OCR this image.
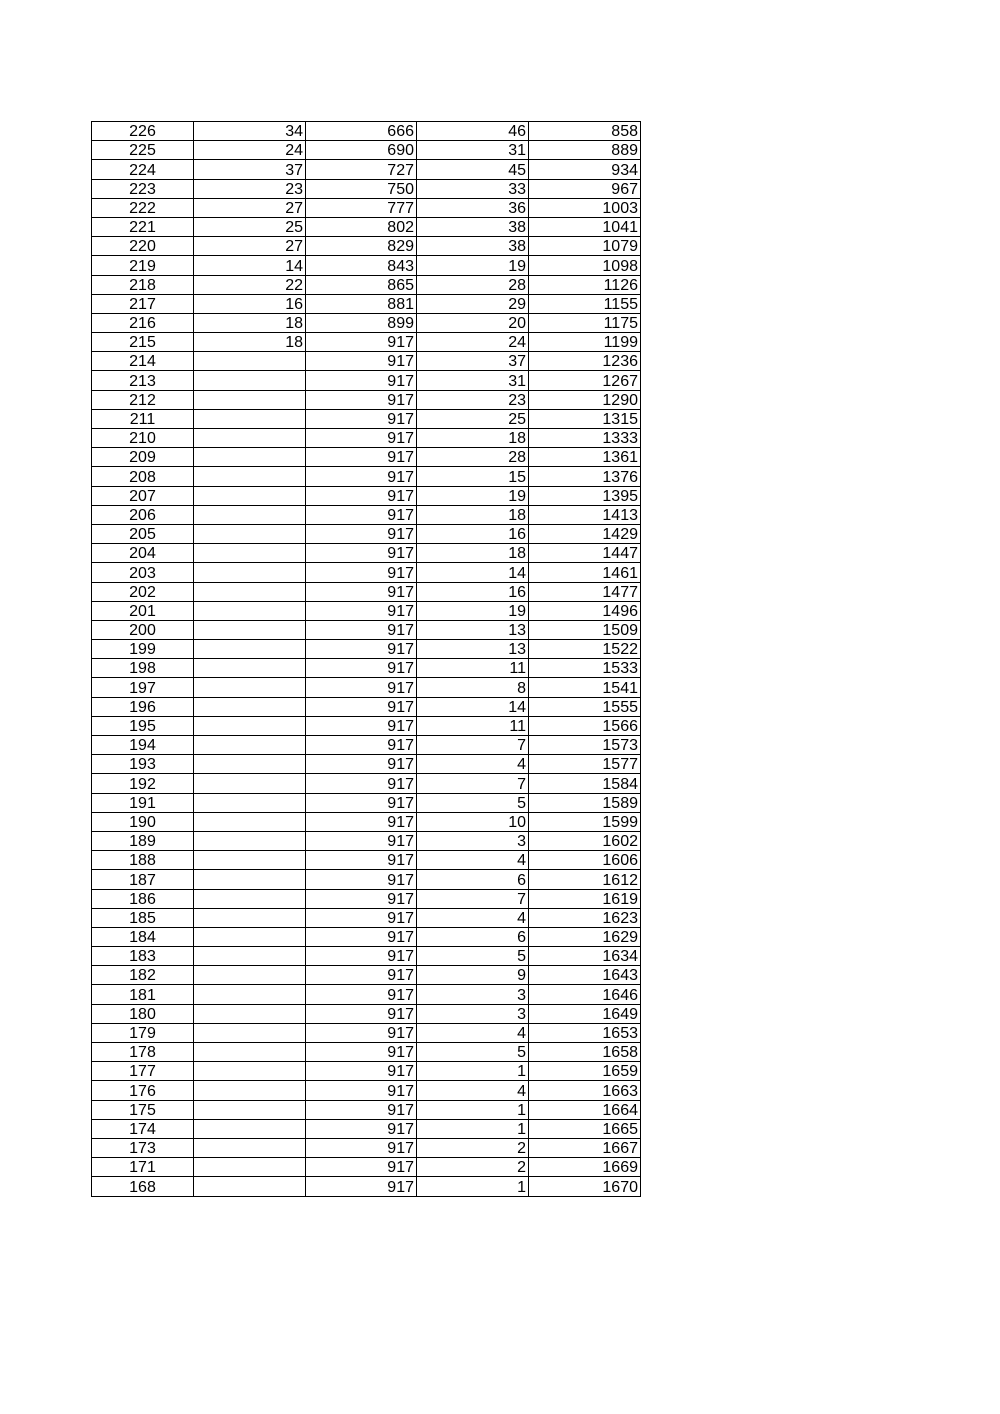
226	34	666	46	858
225	24	690	31	889
224	37	727	45	934
223	23	750	33	967
222	27	777	36	1003
221	25	802	38	1041
220	27	829	38	1079
219	14	843	19	1098
218	22	865	28	1126
217	16	881	29	1155
216	18	899	20	1175
215	18	917	24	1199
214		917	37	1236
213		917	31	1267
212		917	23	1290
211		917	25	1315
210		917	18	1333
209		917	28	1361
208		917	15	1376
207		917	19	1395
206		917	18	1413
205		917	16	1429
204		917	18	1447
203		917	14	1461
202		917	16	1477
201		917	19	1496
200		917	13	1509
199		917	13	1522
198		917	11	1533
197		917	8	1541
196		917	14	1555
195		917	11	1566
194		917	7	1573
193		917	4	1577
192		917	7	1584
191		917	5	1589
190		917	10	1599
189		917	3	1602
188		917	4	1606
187		917	6	1612
186		917	7	1619
185		917	4	1623
184		917	6	1629
183		917	5	1634
182		917	9	1643
181		917	3	1646
180		917	3	1649
179		917	4	1653
178		917	5	1658
177		917	1	1659
176		917	4	1663
175		917	1	1664
174		917	1	1665
173		917	2	1667
171		917	2	1669
168		917	1	1670
